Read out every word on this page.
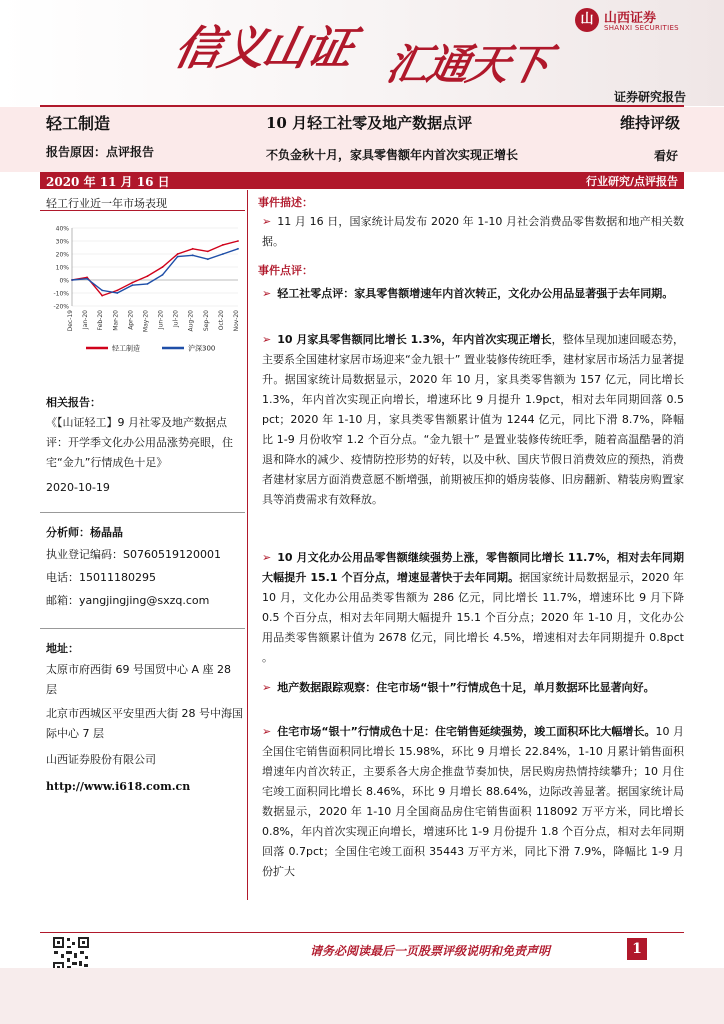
信义山证 汇通天下
山 山西证券
SHANXI SECURITIES
证券研究报告
轻工制造
报告原因：点评报告
10 月轻工社零及地产数据点评
不负金秋十月，家具零售额年内首次实现正增长
维持评级
看好
2020 年 11 月 16 日	行业研究/点评报告
轻工行业近一年市场表现
40%
30%
20%
10%
0%
-10%
-20%
Dec-19 Jan-20 Feb-20 Mar-20 Apr-20 May-20 Jun-20 Jul-20 Aug-20 Sep-20 Oct-20 Nov-20
轻工制造	沪深300
相关报告：
《【山证轻工】9 月社零及地产数据点评：开学季文化办公用品涨势亮眼，住宅“金九”行情成色十足》
2020-10-19
分析师：杨晶晶
执业登记编码：S0760519120001
电话：15011180295
邮箱：yangjingjing@sxzq.com
地址：
太原市府西街 69 号国贸中心 A 座 28 层
北京市西城区平安里西大街 28 号中海国际中心 7 层
山西证券股份有限公司
http://www.i618.com.cn
事件描述：
➢ 11 月 16 日，国家统计局发布 2020 年 1-10 月社会消费品零售数据和地产相关数据。
事件点评：
➢ 轻工社零点评：家具零售额增速年内首次转正，文化办公用品显著强于去年同期。
➢ 10 月家具零售额同比增长 1.3%，年内首次实现正增长，整体呈现加速回暖态势，主要系全国建材家居市场迎来“金九银十” 置业装修传统旺季，建材家居市场活力显著提升。据国家统计局数据显示，2020 年 10 月，家具类零售额为 157 亿元，同比增长 1.3%，年内首次实现正向增长，增速环比 9 月提升 1.9pct，相对去年同期回落 0.5 pct；2020 年 1-10 月，家具类零售额累计值为 1244 亿元，同比下滑 8.7%，降幅比 1-9 月份收窄 1.2 个百分点。“金九银十” 是置业装修传统旺季，随着高温酷暑的消退和降水的减少、疫情防控形势的好转，以及中秋、国庆节假日消费效应的预热，消费者建材家居方面消费意愿不断增强，前期被压抑的婚房装修、旧房翻新、精装房购置家具等消费需求有效释放。
➢ 10 月文化办公用品零售额继续强势上涨，零售额同比增长 11.7%，相对去年同期大幅提升 15.1 个百分点，增速显著快于去年同期。据国家统计局数据显示，2020 年 10 月，文化办公用品类零售额为 286 亿元，同比增长 11.7%，增速环比 9 月下降 0.5 个百分点，相对去年同期大幅提升 15.1 个百分点；2020 年 1-10 月，文化办公用品类零售额累计值为 2678 亿元，同比增长 4.5%，增速相对去年同期提升 0.8pct 。
➢ 地产数据跟踪观察：住宅市场“银十”行情成色十足，单月数据环比显著向好。
➢ 住宅市场“银十”行情成色十足：住宅销售延续强势，竣工面积环比大幅增长。10 月全国住宅销售面积同比增长 15.98%，环比 9 月增长 22.84%，1-10 月累计销售面积增速年内首次转正，主要系各大房企推盘节奏加快，居民购房热情持续攀升；10 月住宅竣工面积同比增长 8.46%，环比 9 月增长 88.64%，边际改善显著。据国家统计局数据显示，2020 年 1-10 月全国商品房住宅销售面积 118092 万平方米，同比增长 0.8%，年内首次实现正向增长，增速环比 1-9 月份提升 1.8 个百分点，相对去年同期回落 0.7pct；全国住宅竣工面积 35443 万平方米，同比下滑 7.9%，降幅比 1-9 月份扩大
请务必阅读最后一页股票评级说明和免责声明	1
